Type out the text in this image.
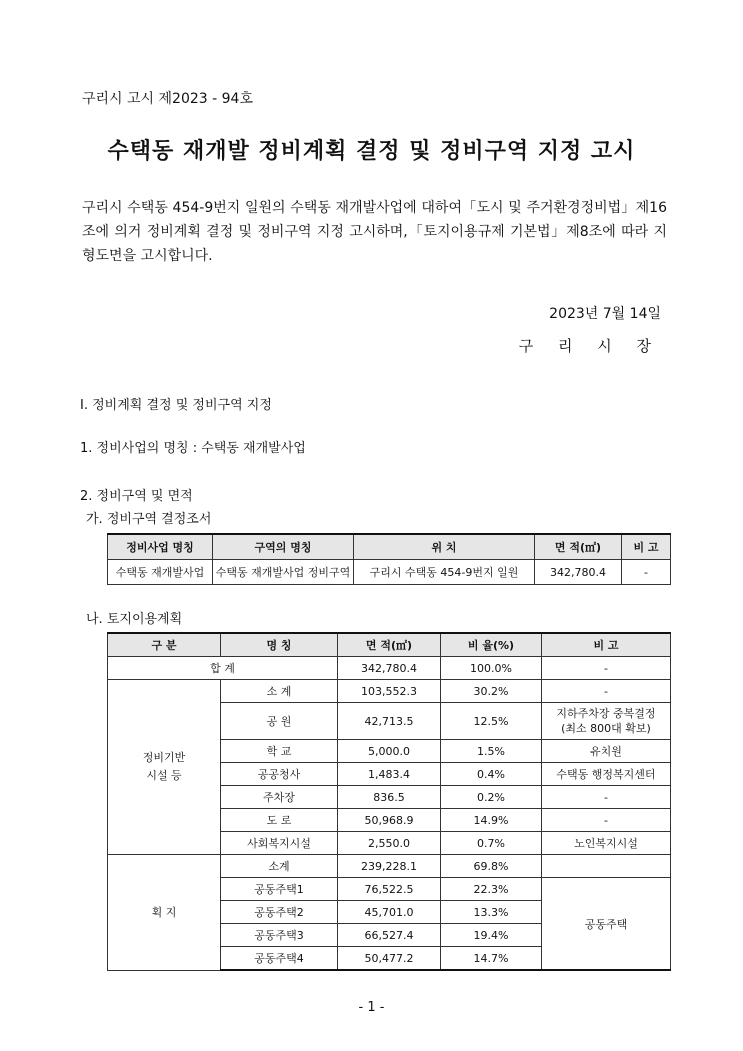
구리시 고시 제2023 - 94호
수택동 재개발 정비계획 결정 및 정비구역 지정 고시
구리시 수택동 454-9번지 일원의 수택동 재개발사업에 대하여「도시 및 주거환경정비법」제16조에 의거 정비계획 결정 및 정비구역 지정 고시하며,「토지이용규제 기본법」제8조에 따라 지형도면을 고시합니다.
2023년 7월 14일
구 리 시 장
Ⅰ. 정비계획 결정 및 정비구역 지정
1. 정비사업의 명칭 : 수택동 재개발사업
2. 정비구역 및 면적
가. 정비구역 결정조서
정비사업 명칭	구역의 명칭	위 치	면 적(㎡)	비 고
수택동 재개발사업	수택동 재개발사업 정비구역	구리시 수택동 454-9번지 일원	342,780.4	-
나. 토지이용계획
구 분	명 칭	면 적(㎡)	비 율(%)	비 고
합 계		342,780.4	100.0%	-
정비기반
시설 등	소 계	103,552.3	30.2%	-
	공 원	42,713.5	12.5%	지하주차장 중복결정
(최소 800대 확보)
	학 교	5,000.0	1.5%	유치원
	공공청사	1,483.4	0.4%	수택동 행정복지센터
	주차장	836.5	0.2%	-
	도 로	50,968.9	14.9%	-
	사회복지시설	2,550.0	0.7%	노인복지시설
획 지	소계	239,228.1	69.8%	
	공동주택1	76,522.5	22.3%	공동주택
	공동주택2	45,701.0	13.3%	
	공동주택3	66,527.4	19.4%	
	공동주택4	50,477.2	14.7%	
- 1 -
